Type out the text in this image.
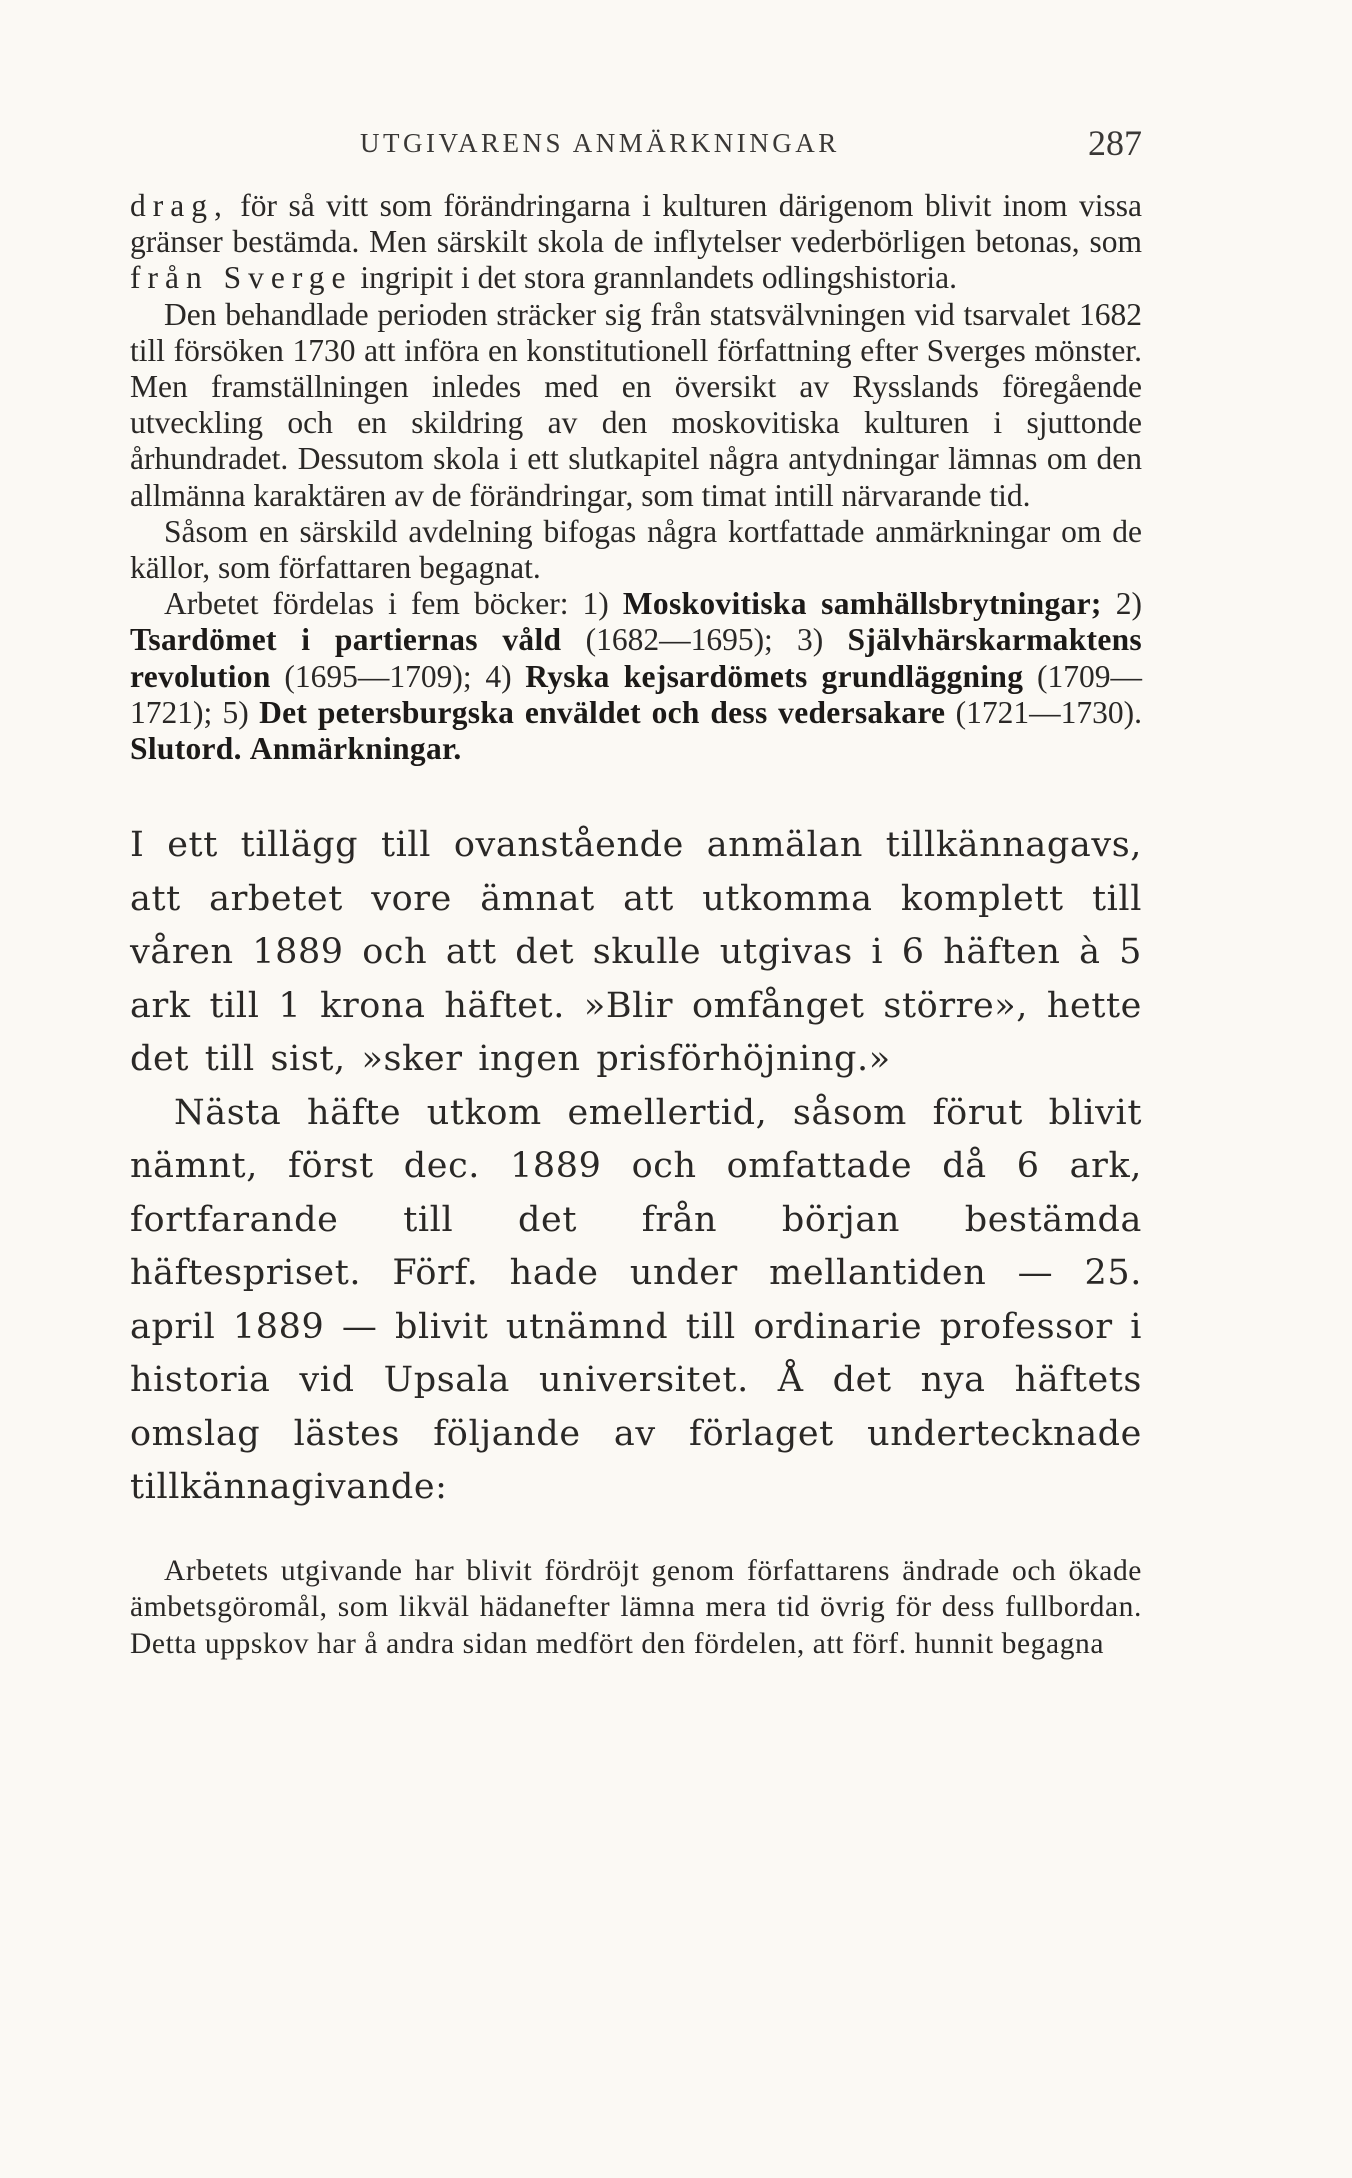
UTGIVARENS ANMÄRKNINGAR	287

drag, för så vitt som förändringarna i kulturen därigenom blivit inom vissa gränser bestämda. Men särskilt skola de inflytelser vederbörligen betonas, som från Sverge ingripit i det stora grannlandets odlingshistoria.

Den behandlade perioden sträcker sig från statsvälvningen vid tsarvalet 1682 till försöken 1730 att införa en konstitutionell författning efter Sverges mönster. Men framställningen inledes med en översikt av Rysslands föregående utveckling och en skildring av den moskovitiska kulturen i sjuttonde århundradet. Dessutom skola i ett slutkapitel några antydningar lämnas om den allmänna karaktären av de förändringar, som timat intill närvarande tid.

Såsom en särskild avdelning bifogas några kortfattade anmärkningar om de källor, som författaren begagnat.

Arbetet fördelas i fem böcker: 1) Moskovitiska samhällsbrytningar; 2) Tsardömet i partiernas våld (1682—1695); 3) Självhärskarmaktens revolution (1695—1709); 4) Ryska kejsardömets grundläggning (1709—1721); 5) Det petersburgska enväldet och dess vedersakare (1721—1730). Slutord. Anmärkningar.

I ett tillägg till ovanstående anmälan tillkännagavs, att arbetet vore ämnat att utkomma komplett till våren 1889 och att det skulle utgivas i 6 häften à 5 ark till 1 krona häftet. »Blir omfånget större», hette det till sist, »sker ingen prisförhöjning.»

Nästa häfte utkom emellertid, såsom förut blivit nämnt, först dec. 1889 och omfattade då 6 ark, fortfarande till det från början bestämda häftespriset. Förf. hade under mellantiden — 25. april 1889 — blivit utnämnd till ordinarie professor i historia vid Upsala universitet. Å det nya häftets omslag lästes följande av förlaget undertecknade tillkännagivande:

Arbetets utgivande har blivit fördröjt genom författarens ändrade och ökade ämbetsgöromål, som likväl hädanefter lämna mera tid övrig för dess fullbordan. Detta uppskov har å andra sidan medfört den fördelen, att förf. hunnit begagna
